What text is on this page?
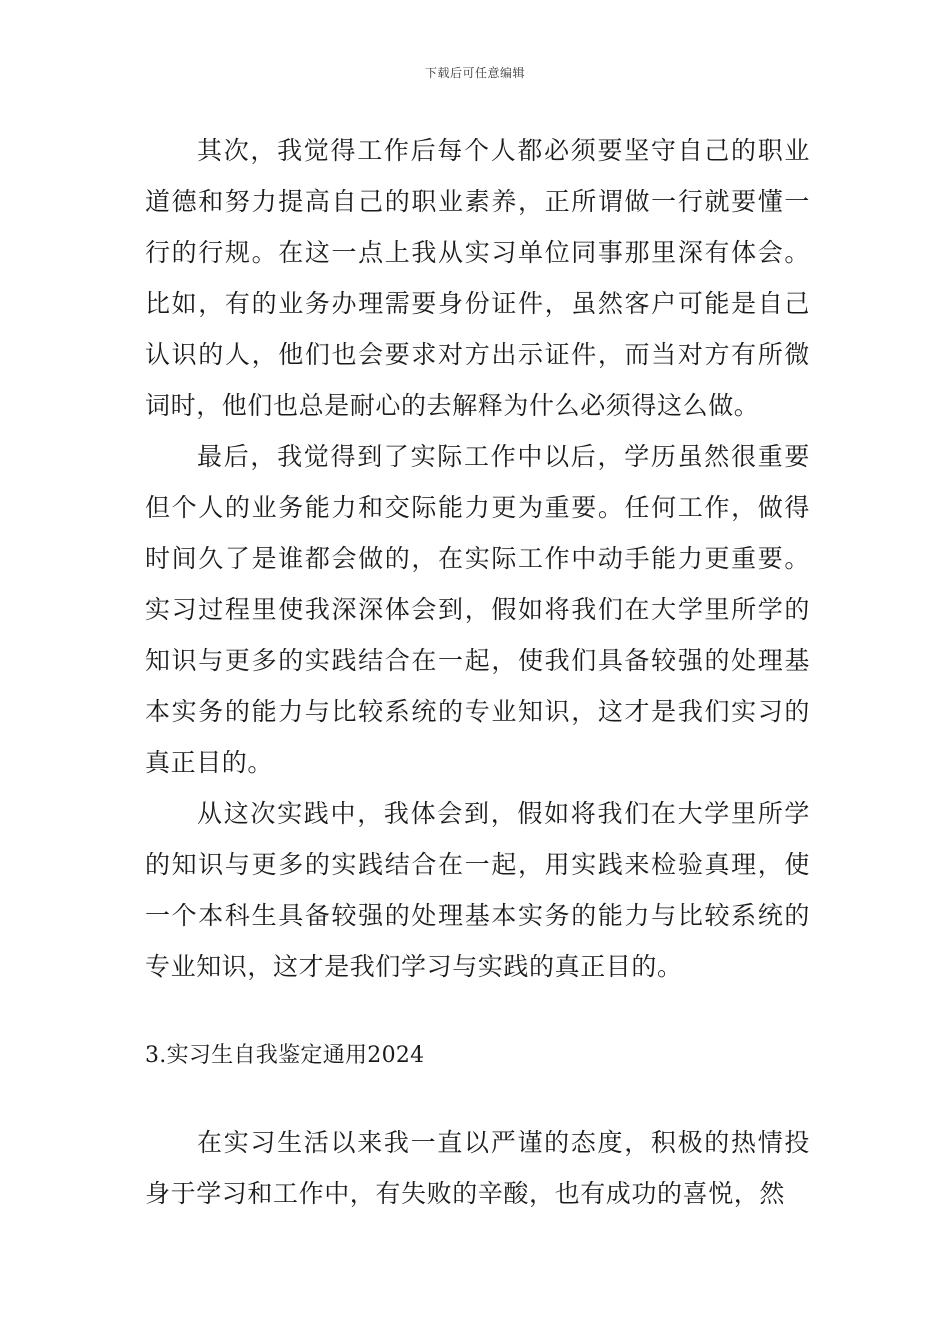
下载后可任意编辑

其次，我觉得工作后每个人都必须要坚守自己的职业道德和努力提高自己的职业素养，正所谓做一行就要懂一行的行规。在这一点上我从实习单位同事那里深有体会。比如，有的业务办理需要身份证件，虽然客户可能是自己认识的人，他们也会要求对方出示证件，而当对方有所微词时，他们也总是耐心的去解释为什么必须得这么做。

最后，我觉得到了实际工作中以后，学历虽然很重要但个人的业务能力和交际能力更为重要。任何工作，做得时间久了是谁都会做的，在实际工作中动手能力更重要。实习过程里使我深深体会到，假如将我们在大学里所学的知识与更多的实践结合在一起，使我们具备较强的处理基本实务的能力与比较系统的专业知识，这才是我们实习的真正目的。

从这次实践中，我体会到，假如将我们在大学里所学的知识与更多的实践结合在一起，用实践来检验真理，使一个本科生具备较强的处理基本实务的能力与比较系统的专业知识，这才是我们学习与实践的真正目的。

3.实习生自我鉴定通用2024

在实习生活以来我一直以严谨的态度，积极的热情投身于学习和工作中，有失败的辛酸，也有成功的喜悦，然
